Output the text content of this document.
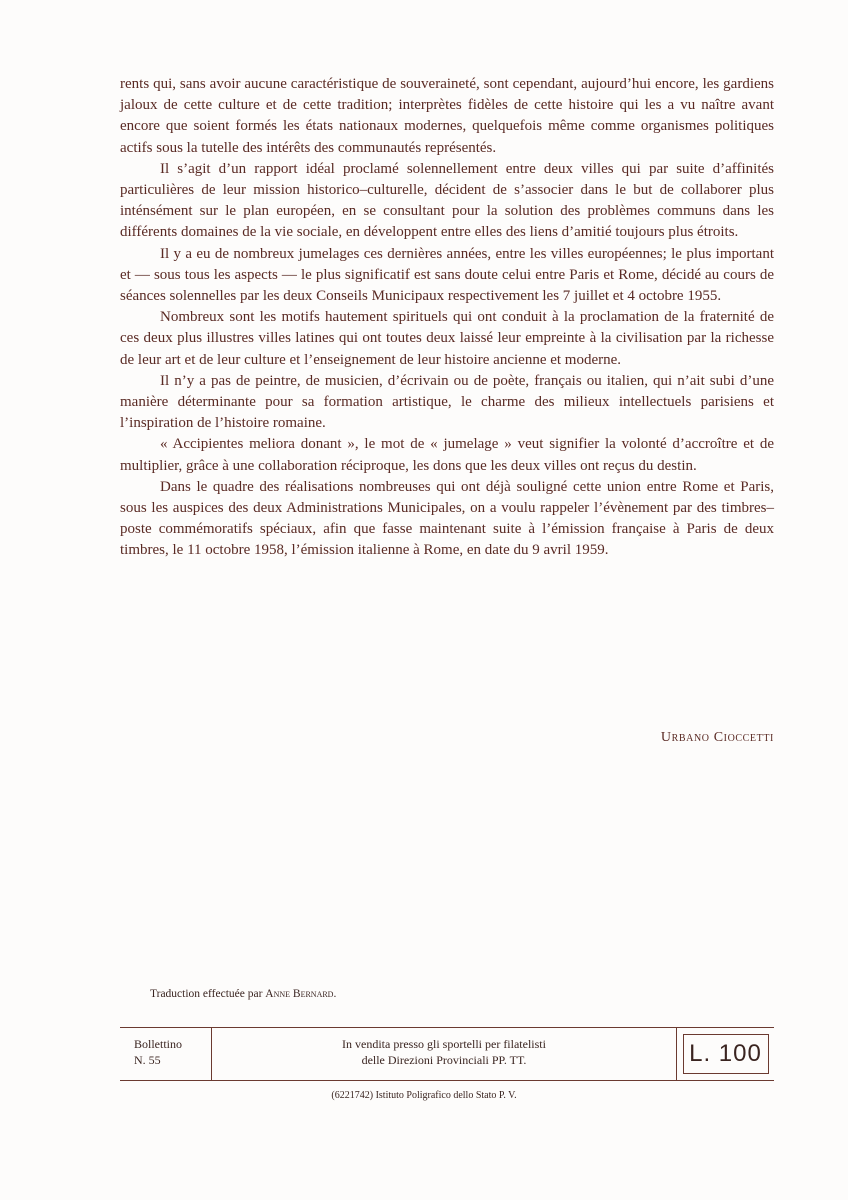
rents qui, sans avoir aucune caractéristique de souveraineté, sont cependant, aujourd’hui encore, les gardiens jaloux de cette culture et de cette tradition; interprètes fidèles de cette histoire qui les a vu naître avant encore que soient formés les états nationaux modernes, quelquefois même comme organismes politiques actifs sous la tutelle des intérêts des communautés représentés.

Il s’agit d’un rapport idéal proclamé solennellement entre deux villes qui par suite d’affinités particulières de leur mission historico–culturelle, décident de s’associer dans le but de collaborer plus inténsément sur le plan européen, en se consultant pour la solution des problèmes communs dans les différents domaines de la vie sociale, en développent entre elles des liens d’amitié toujours plus étroits.

Il y a eu de nombreux jumelages ces dernières années, entre les villes européennes; le plus important et — sous tous les aspects — le plus significatif est sans doute celui entre Paris et Rome, décidé au cours de séances solennelles par les deux Conseils Municipaux respectivement les 7 juillet et 4 octobre 1955.

Nombreux sont les motifs hautement spirituels qui ont conduit à la proclamation de la fraternité de ces deux plus illustres villes latines qui ont toutes deux laissé leur empreinte à la civilisation par la richesse de leur art et de leur culture et l’enseignement de leur histoire ancienne et moderne.

Il n’y a pas de peintre, de musicien, d’écrivain ou de poète, français ou italien, qui n’ait subi d’une manière déterminante pour sa formation artistique, le charme des milieux intellectuels parisiens et l’inspiration de l’histoire romaine.

« Accipientes meliora donant », le mot de « jumelage » veut signifier la volonté d’accroître et de multiplier, grâce à une collaboration réciproque, les dons que les deux villes ont reçus du destin.

Dans le quadre des réalisations nombreuses qui ont déjà souligné cette union entre Rome et Paris, sous les auspices des deux Administrations Municipales, on a voulu rappeler l’évènement par des timbres–poste commémoratifs spéciaux, afin que fasse maintenant suite à l’émission française à Paris de deux timbres, le 11 octobre 1958, l’émission italienne à Rome, en date du 9 avril 1959.

Urbano Cioccetti
Traduction effectuée par Anne Bernard.
Bollettino
N. 55
In vendita presso gli sportelli per filatelisti
delle Direzioni Provinciali PP. TT.	L. 100
(6221742) Istituto Poligrafico dello Stato P. V.
